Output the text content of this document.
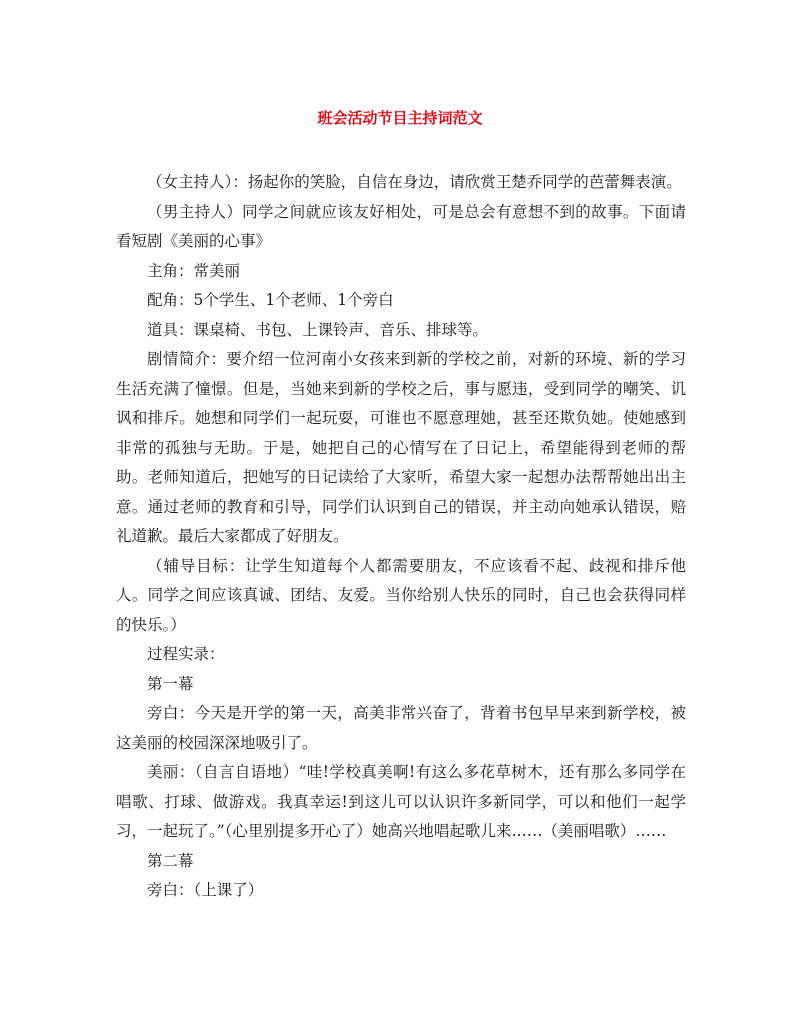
班会活动节目主持词范文

（女主持人）：扬起你的笑脸，自信在身边，请欣赏王楚乔同学的芭蕾舞表演。

（男主持人）同学之间就应该友好相处，可是总会有意想不到的故事。下面请看短剧《美丽的心事》

主角：常美丽

配角：5个学生、1个老师、1个旁白

道具：课桌椅、书包、上课铃声、音乐、排球等。

剧情简介：要介绍一位河南小女孩来到新的学校之前，对新的环境、新的学习生活充满了憧憬。但是，当她来到新的学校之后，事与愿违，受到同学的嘲笑、讥讽和排斥。她想和同学们一起玩耍，可谁也不愿意理她，甚至还欺负她。使她感到非常的孤独与无助。于是，她把自己的心情写在了日记上，希望能得到老师的帮助。老师知道后，把她写的日记读给了大家听，希望大家一起想办法帮帮她出出主意。通过老师的教育和引导，同学们认识到自己的错误，并主动向她承认错误，赔礼道歉。最后大家都成了好朋友。

（辅导目标：让学生知道每个人都需要朋友，不应该看不起、歧视和排斥他人。同学之间应该真诚、团结、友爱。当你给别人快乐的同时，自己也会获得同样的快乐。）

过程实录：

第一幕

旁白：今天是开学的第一天，高美非常兴奋了，背着书包早早来到新学校，被这美丽的校园深深地吸引了。

美丽：（自言自语地）“哇!学校真美啊!有这么多花草树木，还有那么多同学在唱歌、打球、做游戏。我真幸运!到这儿可以认识许多新同学，可以和他们一起学习，一起玩了。”（心里别提多开心了）她高兴地唱起歌儿来……（美丽唱歌）……

第二幕

旁白：（上课了）
